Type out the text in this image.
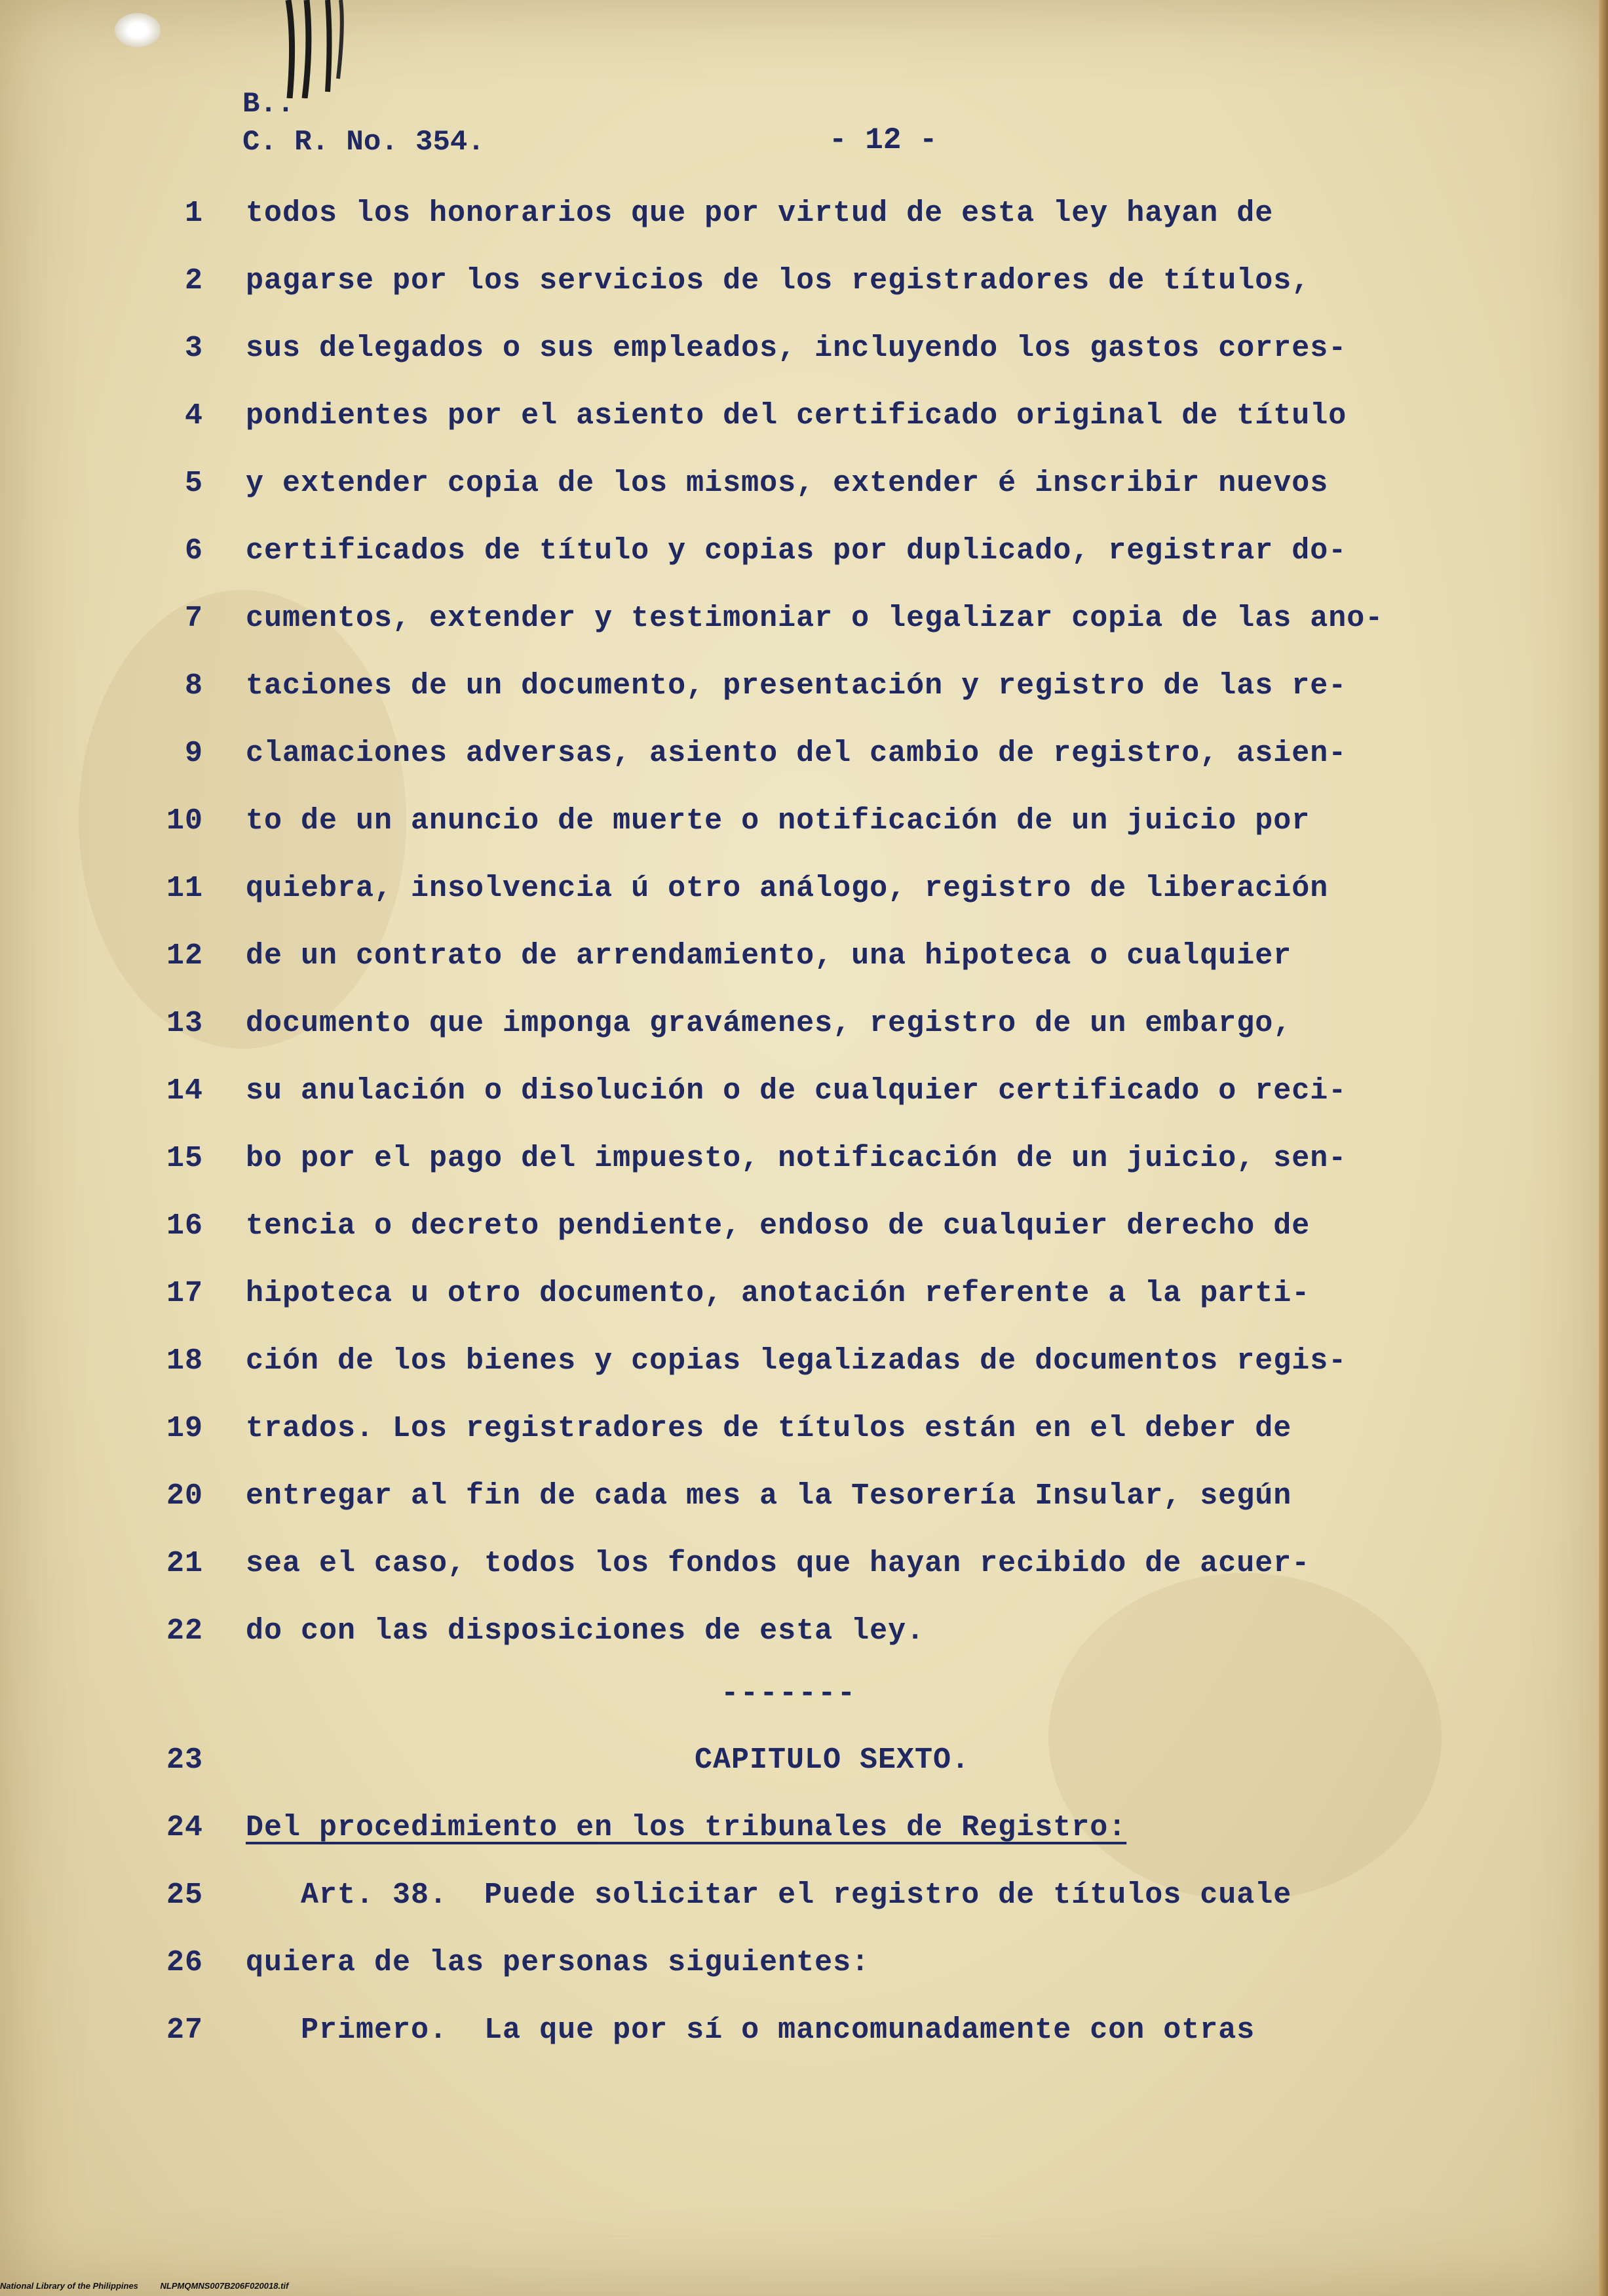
B..
C. R. No. 354.	- 12 -
1 todos los honorarios que por virtud de esta ley hayan de
2 pagarse por los servicios de los registradores de títulos,
3 sus delegados o sus empleados, incluyendo los gastos corres-
4 pondientes por el asiento del certificado original de título
5 y extender copia de los mismos, extender é inscribir nuevos
6 certificados de título y copias por duplicado, registrar do-
7 cumentos, extender y testimoniar o legalizar copia de las ano-
8 taciones de un documento, presentación y registro de las re-
9 clamaciones adversas, asiento del cambio de registro, asien-
10 to de un anuncio de muerte o notificación de un juicio por
11 quiebra, insolvencia ú otro análogo, registro de liberación
12 de un contrato de arrendamiento, una hipoteca o cualquier
13 documento que imponga gravámenes, registro de un embargo,
14 su anulación o disolución o de cualquier certificado o reci-
15 bo por el pago del impuesto, notificación de un juicio, sen-
16 tencia o decreto pendiente, endoso de cualquier derecho de
17 hipoteca u otro documento, anotación referente a la parti-
18 ción de los bienes y copias legalizadas de documentos regis-
19 trados. Los registradores de títulos están en el deber de
20 entregar al fin de cada mes a la Tesorería Insular, según
21 sea el caso, todos los fondos que hayan recibido de acuer-
22 do con las disposiciones de esta ley.
-------
23	CAPITULO SEXTO.
24 Del procedimiento en los tribunales de Registro:
25 Art. 38.  Puede solicitar el registro de títulos cuale
26 quiera de las personas siguientes:
27 Primero.  La que por sí o mancomunadamente con otras
National Library of the Philippines	NLPMQMNS007B206F020018.tif
